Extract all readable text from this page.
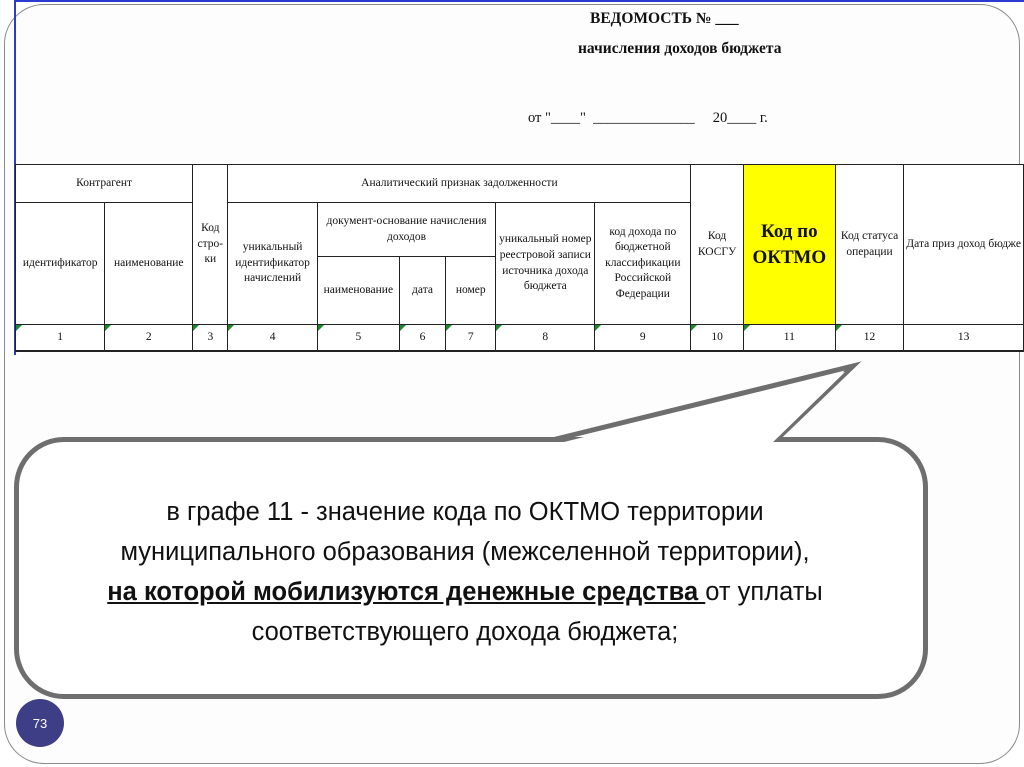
ВЕДОМОСТЬ № ___
начисления доходов бюджета
от "____"  ______________     20____ г.
Контрагент		Код стро-ки	Аналитический признак задолженности						Код КОСГУ	Код по ОКТМО	Код статуса операции	Дата приз доход бюдже
идентификатор	наименование		уникальный идентификатор начислений	документ-основание начисления доходов			уникальный номер реестровой записи источника дохода бюджета	код дохода по бюджетной классификации Российской Федерации				
				наименование	дата	номер						
1	2	3	4	5	6	7	8	9	10	11	12	13
в графе 11 - значение кода по ОКТМО территории
муниципального образования (межселенной территории),
на которой мобилизуются денежные средства от уплаты
соответствующего дохода бюджета;
73
